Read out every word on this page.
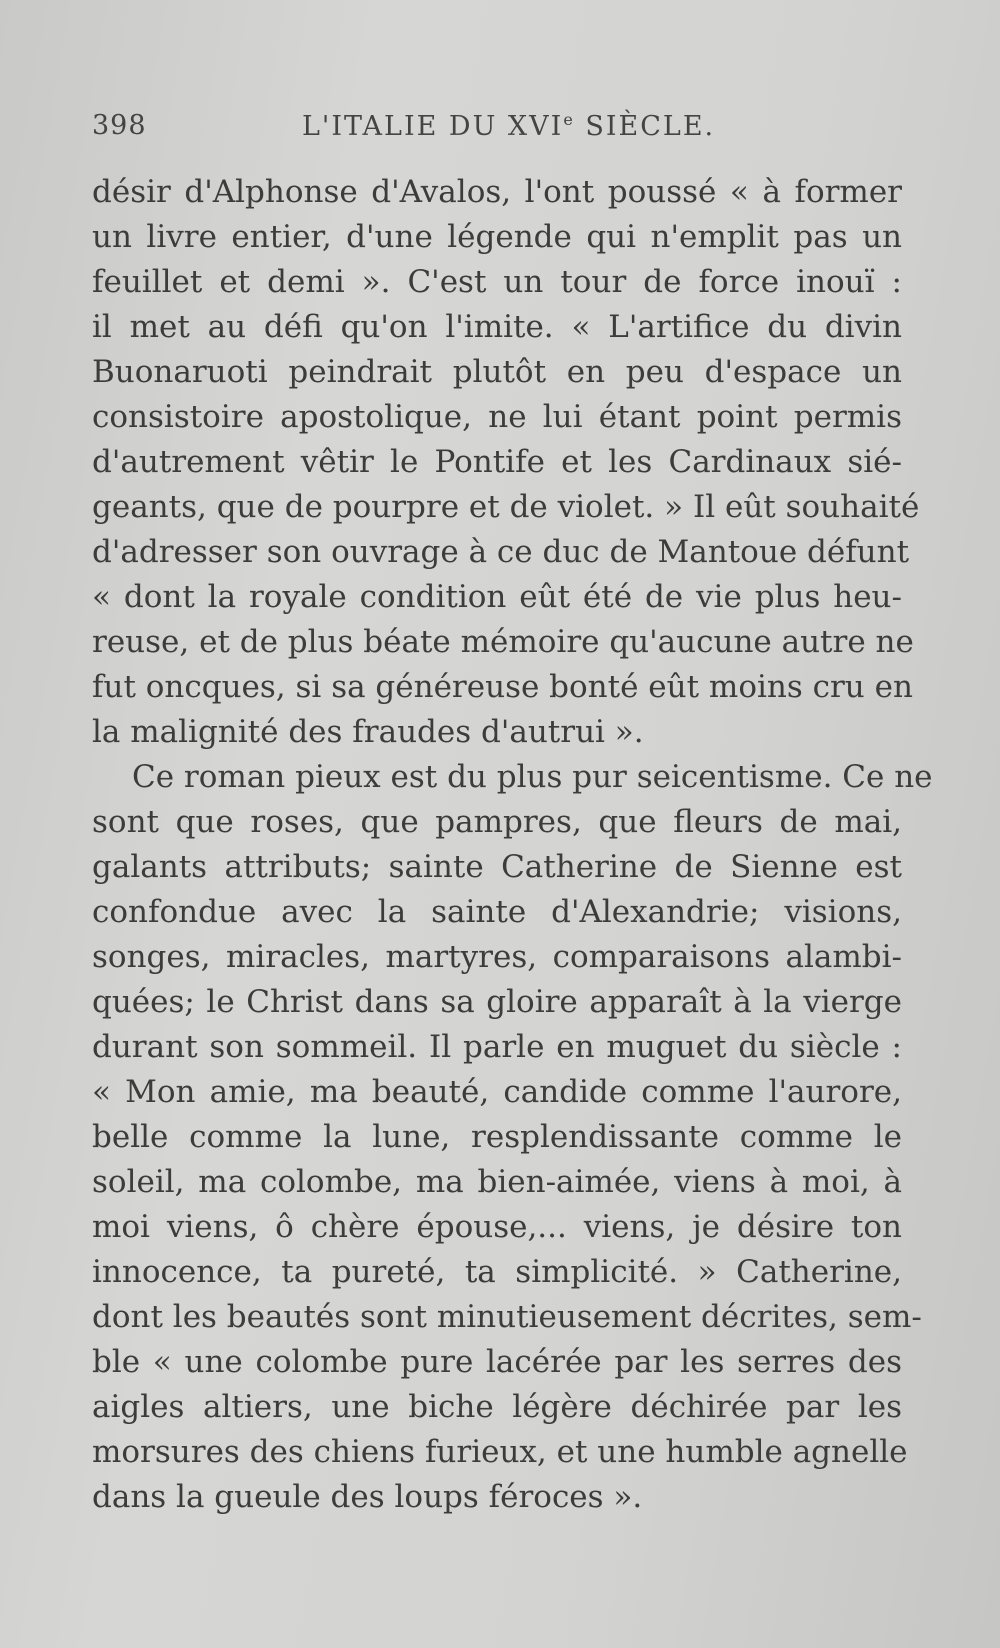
398	L'ITALIE DU XVIe SIÈCLE.
désir d'Alphonse d'Avalos, l'ont poussé « à former
un livre entier, d'une légende qui n'emplit pas un
feuillet et demi ». C'est un tour de force inouï :
il met au défi qu'on l'imite. « L'artifice du divin
Buonaruoti peindrait plutôt en peu d'espace un
consistoire apostolique, ne lui étant point permis
d'autrement vêtir le Pontife et les Cardinaux sié-
geants, que de pourpre et de violet. » Il eût souhaité
d'adresser son ouvrage à ce duc de Mantoue défunt
« dont la royale condition eût été de vie plus heu-
reuse, et de plus béate mémoire qu'aucune autre ne
fut oncques, si sa généreuse bonté eût moins cru en
la malignité des fraudes d'autrui ».
Ce roman pieux est du plus pur seicentisme. Ce ne
sont que roses, que pampres, que fleurs de mai,
galants attributs; sainte Catherine de Sienne est
confondue avec la sainte d'Alexandrie; visions,
songes, miracles, martyres, comparaisons alambi-
quées; le Christ dans sa gloire apparaît à la vierge
durant son sommeil. Il parle en muguet du siècle :
« Mon amie, ma beauté, candide comme l'aurore,
belle comme la lune, resplendissante comme le
soleil, ma colombe, ma bien-aimée, viens à moi, à
moi viens, ô chère épouse,... viens, je désire ton
innocence, ta pureté, ta simplicité. » Catherine,
dont les beautés sont minutieusement décrites, sem-
ble « une colombe pure lacérée par les serres des
aigles altiers, une biche légère déchirée par les
morsures des chiens furieux, et une humble agnelle
dans la gueule des loups féroces ».
